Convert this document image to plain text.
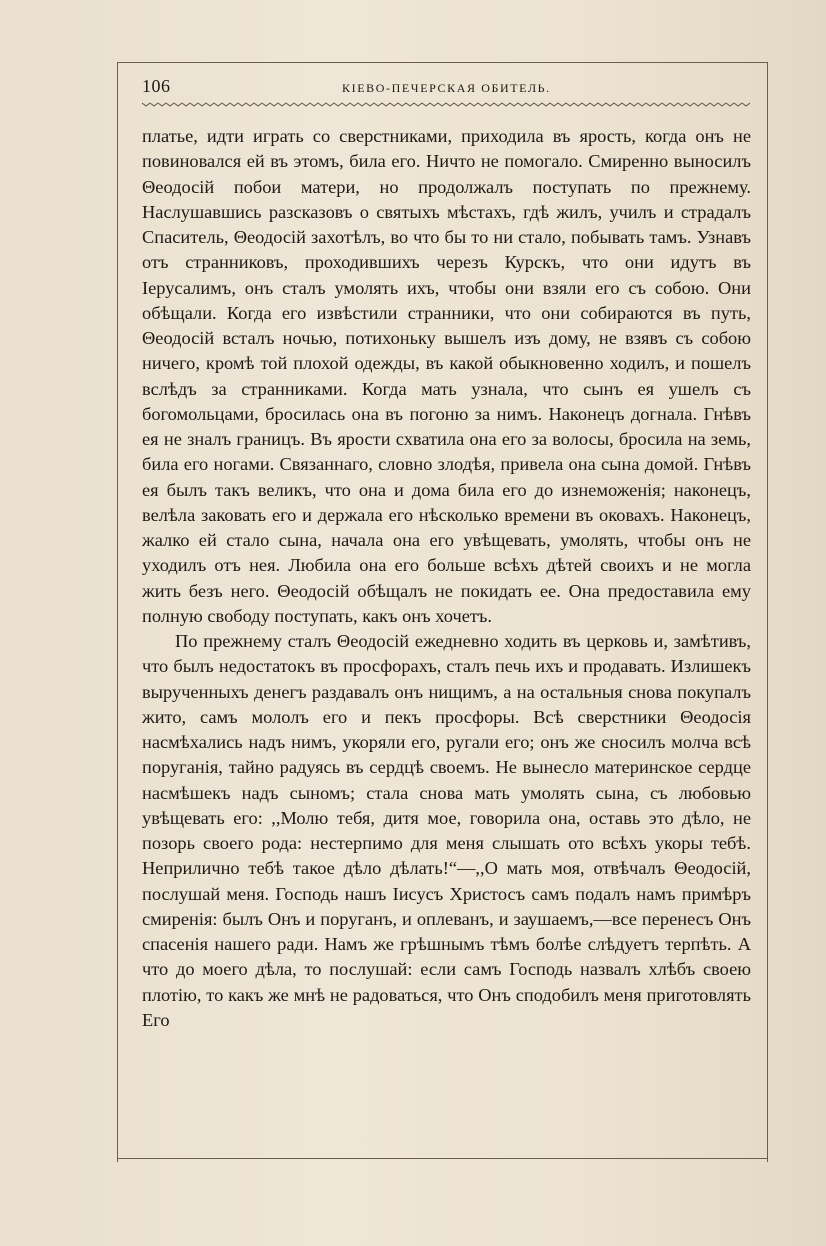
106	КІЕВО-ПЕЧЕРСКАЯ ОБИТЕЛЬ.

платье, идти играть со сверстниками, приходила въ ярость, когда онъ не повиновался ей въ этомъ, била его. Ничто не помогало. Смиренно выносилъ Θеодосій побои матери, но продолжалъ поступать по прежнему. Наслушавшись разсказовъ о святыхъ мѣстахъ, гдѣ жилъ, училъ и страдалъ Спаситель, Θеодосій захотѣлъ, во что бы то ни стало, побывать тамъ. Узнавъ отъ странниковъ, проходившихъ черезъ Курскъ, что они идутъ въ Іерусалимъ, онъ сталъ умолять ихъ, чтобы они взяли его съ собою. Они обѣщали. Когда его извѣстили странники, что они собираются въ путь, Θеодосій всталъ ночью, потихоньку вышелъ изъ дому, не взявъ съ собою ничего, кромѣ той плохой одежды, въ какой обыкновенно ходилъ, и пошелъ вслѣдъ за странниками. Когда мать узнала, что сынъ ея ушелъ съ богомольцами, бросилась она въ погоню за нимъ. Наконецъ догнала. Гнѣвъ ея не зналъ границъ. Въ ярости схватила она его за волосы, бросила на земь, била его ногами. Связаннаго, словно злодѣя, привела она сына домой. Гнѣвъ ея былъ такъ великъ, что она и дома била его до изнеможенія; наконецъ, велѣла заковать его и держала его нѣсколько времени въ оковахъ. Наконецъ, жалко ей стало сына, начала она его увѣщевать, умолять, чтобы онъ не уходилъ отъ нея. Любила она его больше всѣхъ дѣтей своихъ и не могла жить безъ него. Θеодосій обѣщалъ не покидать ее. Она предоставила ему полную свободу поступать, какъ онъ хочетъ.

По прежнему сталъ Θеодосій ежедневно ходить въ церковь и, замѣтивъ, что былъ недостатокъ въ просфорахъ, сталъ печь ихъ и продавать. Излишекъ вырученныхъ денегъ раздавалъ онъ нищимъ, а на остальныя снова покупалъ жито, самъ мололъ его и пекъ просфоры. Всѣ сверстники Θеодосія насмѣхались надъ нимъ, укоряли его, ругали его; онъ же сносилъ молча всѣ поруганія, тайно радуясь въ сердцѣ своемъ. Не вынесло материнское сердце насмѣшекъ надъ сыномъ; стала снова мать умолять сына, съ любовью увѣщевать его: ,,Молю тебя, дитя мое, говорила она, оставь это дѣло, не позорь своего рода: нестерпимо для меня слышать ото всѣхъ укоры тебѣ. Неприлично тебѣ такое дѣло дѣлать!“—,,О мать моя, отвѣчалъ Θеодосій, послушай меня. Господь нашъ Іисусъ Христосъ самъ подалъ намъ примѣръ смиренія: былъ Онъ и поруганъ, и оплеванъ, и заушаемъ,—все перенесъ Онъ спасенія нашего ради. Намъ же грѣшнымъ тѣмъ болѣе слѣдуетъ терпѣть. А что до моего дѣла, то послушай: если самъ Господь назвалъ хлѣбъ своею плотію, то какъ же мнѣ не радоваться, что Онъ сподобилъ меня приготовлять Его
